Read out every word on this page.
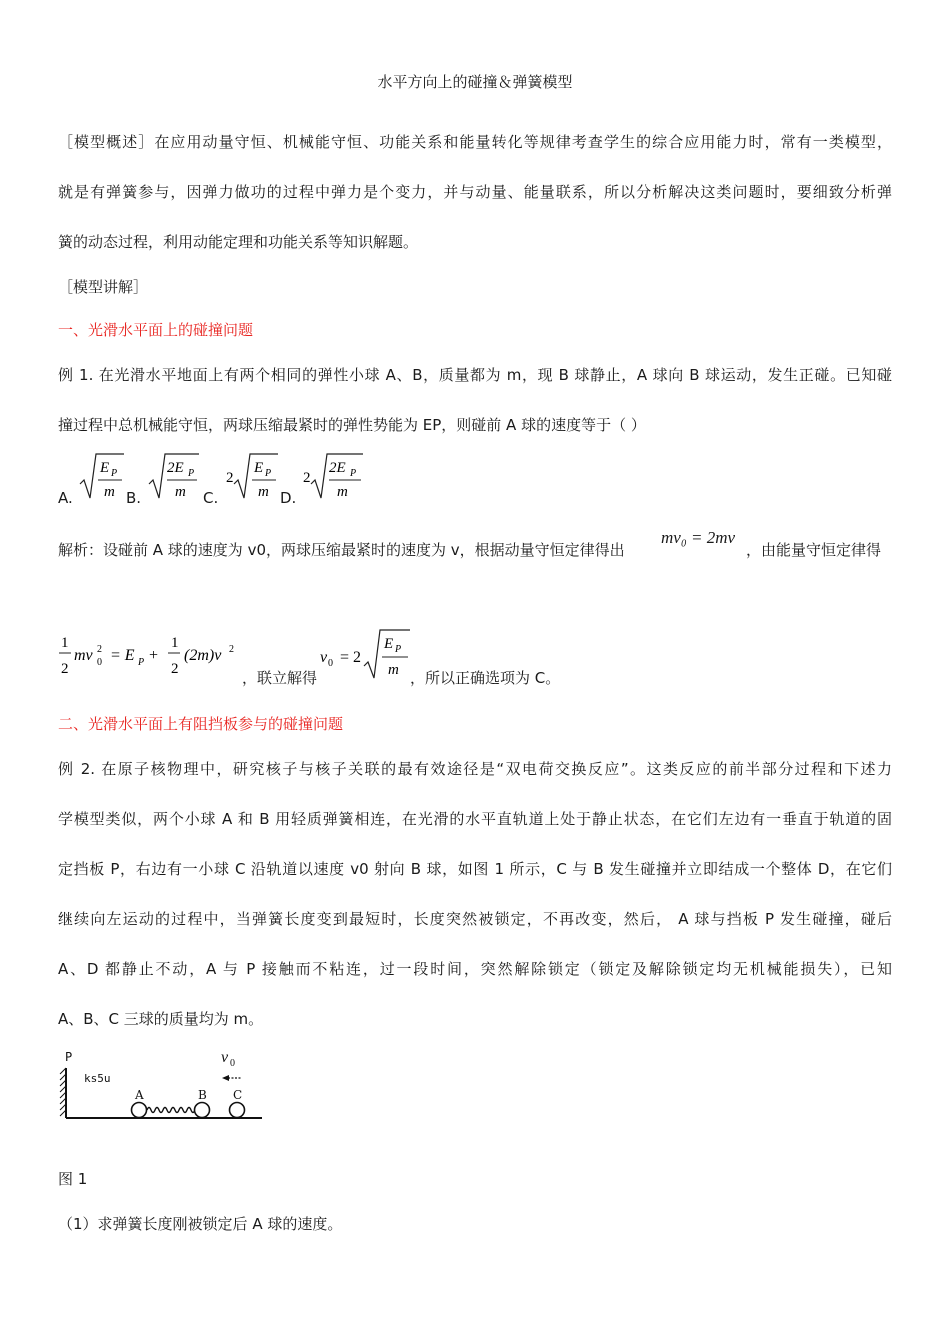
水平方向上的碰撞＆弹簧模型
［模型概述］在应用动量守恒、机械能守恒、功能关系和能量转化等规律考查学生的综合应用能力时，常有一类模型，
就是有弹簧参与，因弹力做功的过程中弹力是个变力，并与动量、能量联系，所以分析解决这类问题时，要细致分析弹
簧的动态过程，利用动能定理和功能关系等知识解题。
［模型讲解］
一、光滑水平面上的碰撞问题
例 1. 在光滑水平地面上有两个相同的弹性小球 A、B，质量都为 m，现 B 球静止，A 球向 B 球运动，发生正碰。已知碰
撞过程中总机械能守恒，两球压缩最紧时的弹性势能为 EP，则碰前 A 球的速度等于（ ）
A.
E P
m B.
2E P
m C.
2
E P
m D.
2
2E P
m
解析：设碰前 A 球的速度为 v0，两球压缩最紧时的速度为 v，根据动量守恒定律得出
mv₀ = 2mv
，由能量守恒定律得
1
2
mv 0
2 = E P +
1
2
(2m)v 2
，联立解得
v 0 = 2
E P
m ，所以正确选项为 C。
二、光滑水平面上有阻挡板参与的碰撞问题
例 2. 在原子核物理中，研究核子与核子关联的最有效途径是“双电荷交换反应”。这类反应的前半部分过程和下述力
学模型类似，两个小球 A 和 B 用轻质弹簧相连，在光滑的水平直轨道上处于静止状态，在它们左边有一垂直于轨道的固
定挡板 P，右边有一小球 C 沿轨道以速度 v0 射向 B 球，如图 1 所示，C 与 B 发生碰撞并立即结成一个整体 D，在它们
继续向左运动的过程中，当弹簧长度变到最短时，长度突然被锁定，不再改变，然后， A 球与挡板 P 发生碰撞，碰后
A、D 都静止不动，A 与 P 接触而不粘连，过一段时间，突然解除锁定（锁定及解除锁定均无机械能损失），已知
A、B、C 三球的质量均为 m。
P
ks5u
A	B C
v 0
图 1
（1）求弹簧长度刚被锁定后 A 球的速度。
